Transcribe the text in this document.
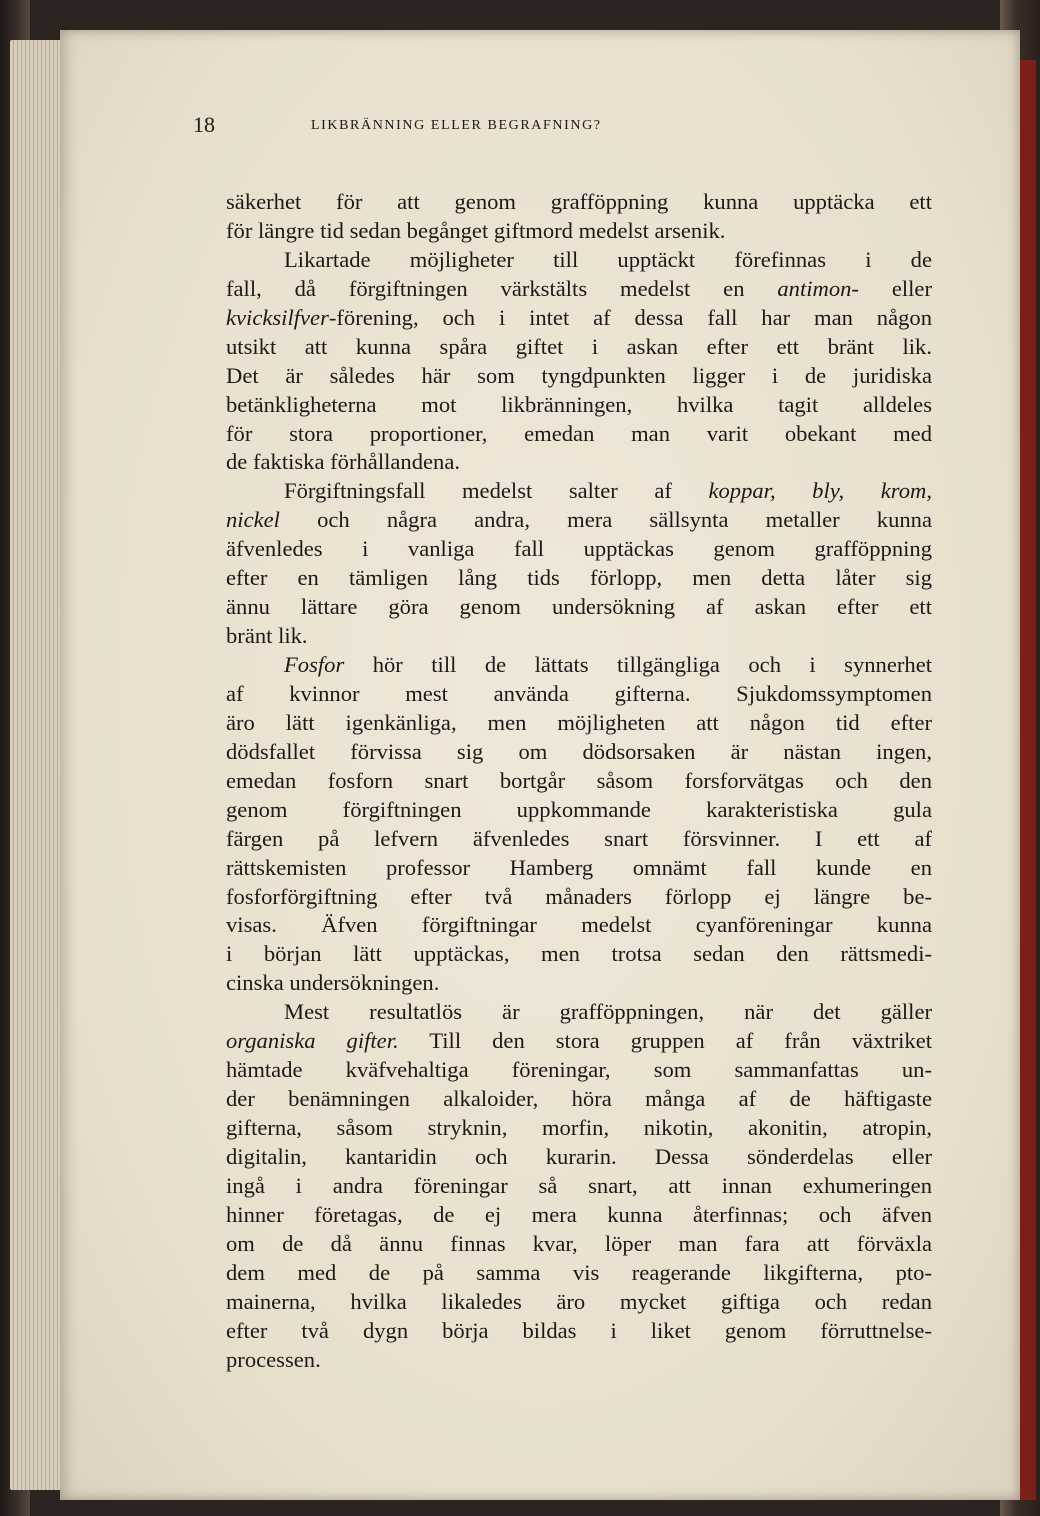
18	LIKBRÄNNING ELLER BEGRAFNING?
säkerhet för att genom grafföppning kunna upptäcka ett
för längre tid sedan begånget giftmord medelst arsenik.
Likartade möjligheter till upptäckt förefinnas i de
fall, då förgiftningen värkstälts medelst en antimon- eller
kvicksilfver-förening, och i intet af dessa fall har man någon
utsikt att kunna spåra giftet i askan efter ett bränt lik.
Det är således här som tyngdpunkten ligger i de juridiska
betänkligheterna mot likbränningen, hvilka tagit alldeles
för stora proportioner, emedan man varit obekant med
de faktiska förhållandena.
Förgiftningsfall medelst salter af koppar, bly, krom,
nickel och några andra, mera sällsynta metaller kunna
äfvenledes i vanliga fall upptäckas genom grafföppning
efter en tämligen lång tids förlopp, men detta låter sig
ännu lättare göra genom undersökning af askan efter ett
bränt lik.
Fosfor hör till de lättats tillgängliga och i synnerhet
af kvinnor mest använda gifterna. Sjukdomssymptomen
äro lätt igenkänliga, men möjligheten att någon tid efter
dödsfallet förvissa sig om dödsorsaken är nästan ingen,
emedan fosforn snart bortgår såsom forsforvätgas och den
genom förgiftningen uppkommande karakteristiska gula
färgen på lefvern äfvenledes snart försvinner. I ett af
rättskemisten professor Hamberg omnämt fall kunde en
fosforförgiftning efter två månaders förlopp ej längre be-
visas. Äfven förgiftningar medelst cyanföreningar kunna
i början lätt upptäckas, men trotsa sedan den rättsmedi-
cinska undersökningen.
Mest resultatlös är grafföppningen, när det gäller
organiska gifter. Till den stora gruppen af från växtriket
hämtade kväfvehaltiga föreningar, som sammanfattas un-
der benämningen alkaloider, höra många af de häftigaste
gifterna, såsom stryknin, morfin, nikotin, akonitin, atropin,
digitalin, kantaridin och kurarin. Dessa sönderdelas eller
ingå i andra föreningar så snart, att innan exhumeringen
hinner företagas, de ej mera kunna återfinnas; och äfven
om de då ännu finnas kvar, löper man fara att förväxla
dem med de på samma vis reagerande likgifterna, pto-
mainerna, hvilka likaledes äro mycket giftiga och redan
efter två dygn börja bildas i liket genom förruttnelse-
processen.
